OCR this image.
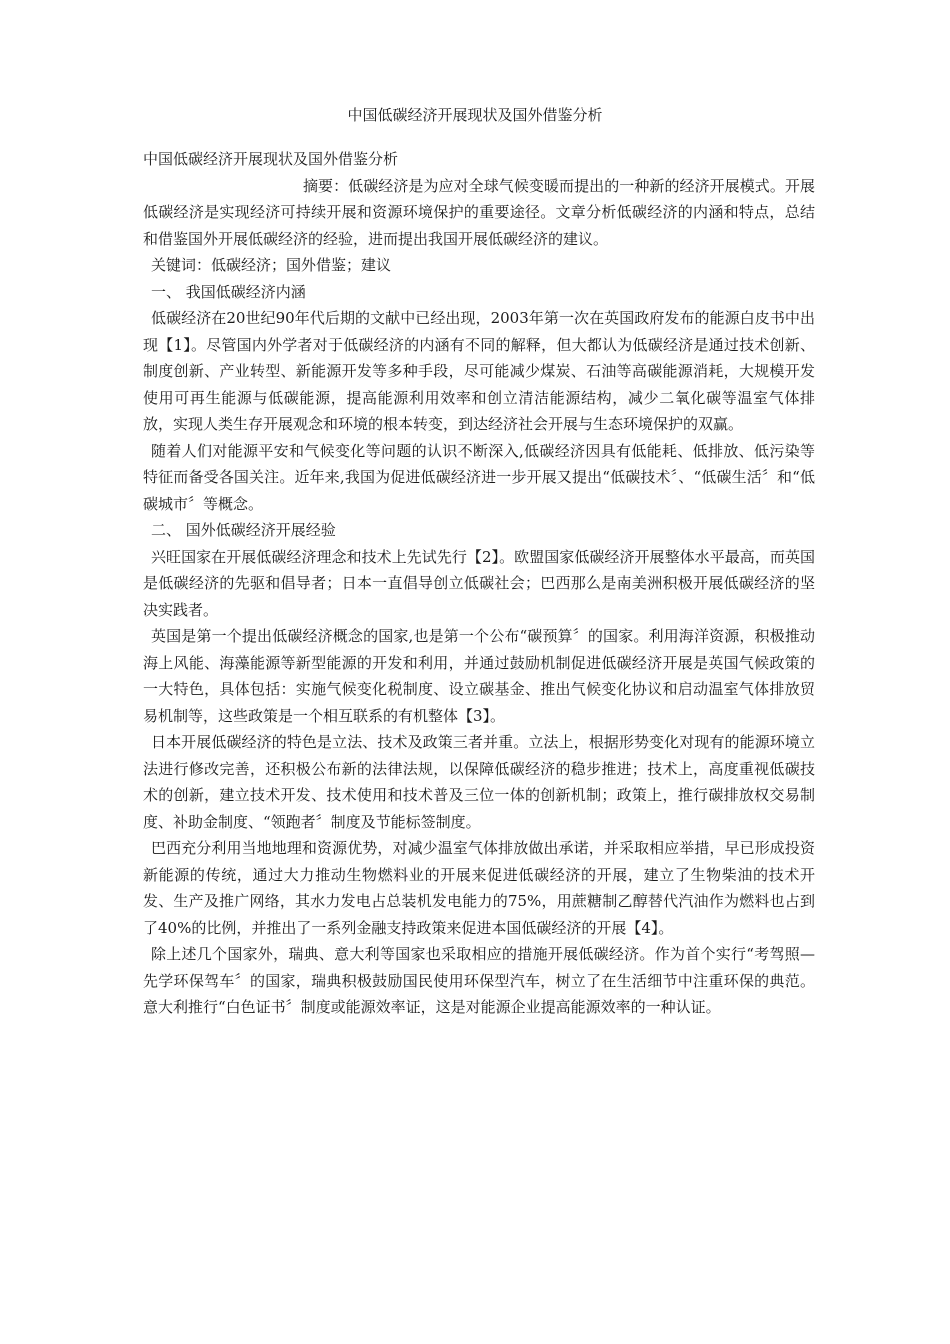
中国低碳经济开展现状及国外借鉴分析

中国低碳经济开展现状及国外借鉴分析

摘要：低碳经济是为应对全球气候变暖而提出的一种新的经济开展模式。开展低碳经济是实现经济可持续开展和资源环境保护的重要途径。文章分析低碳经济的内涵和特点，总结和借鉴国外开展低碳经济的经验，进而提出我国开展低碳经济的建议。

关键词：低碳经济；国外借鉴；建议

一、 我国低碳经济内涵

低碳经济在20世纪90年代后期的文献中已经出现，2003年第一次在英国政府发布的能源白皮书中出现【1】。尽管国内外学者对于低碳经济的内涵有不同的解释，但大都认为低碳经济是通过技术创新、制度创新、产业转型、新能源开发等多种手段，尽可能减少煤炭、石油等高碳能源消耗，大规模开发使用可再生能源与低碳能源，提高能源利用效率和创立清洁能源结构，减少二氧化碳等温室气体排放，实现人类生存开展观念和环境的根本转变，到达经济社会开展与生态环境保护的双赢。

随着人们对能源平安和气候变化等问题的认识不断深入,低碳经济因具有低能耗、低排放、低污染等特征而备受各国关注。近年来,我国为促进低碳经济进一步开展又提出“低碳技术〞、“低碳生活〞和“低碳城市〞等概念。

二、 国外低碳经济开展经验

兴旺国家在开展低碳经济理念和技术上先试先行【2】。欧盟国家低碳经济开展整体水平最高，而英国是低碳经济的先驱和倡导者；日本一直倡导创立低碳社会；巴西那么是南美洲积极开展低碳经济的坚决实践者。

英国是第一个提出低碳经济概念的国家,也是第一个公布“碳预算〞的国家。利用海洋资源，积极推动海上风能、海藻能源等新型能源的开发和利用，并通过鼓励机制促进低碳经济开展是英国气候政策的一大特色，具体包括：实施气候变化税制度、设立碳基金、推出气候变化协议和启动温室气体排放贸易机制等，这些政策是一个相互联系的有机整体【3】。

日本开展低碳经济的特色是立法、技术及政策三者并重。立法上，根据形势变化对现有的能源环境立法进行修改完善，还积极公布新的法律法规，以保障低碳经济的稳步推进；技术上，高度重视低碳技术的创新，建立技术开发、技术使用和技术普及三位一体的创新机制；政策上，推行碳排放权交易制度、补助金制度、“领跑者〞制度及节能标签制度。

巴西充分利用当地地理和资源优势，对减少温室气体排放做出承诺，并采取相应举措，早已形成投资新能源的传统，通过大力推动生物燃料业的开展来促进低碳经济的开展，建立了生物柴油的技术开发、生产及推广网络，其水力发电占总装机发电能力的75%，用蔗糖制乙醇替代汽油作为燃料也占到了40%的比例，并推出了一系列金融支持政策来促进本国低碳经济的开展【4】。

除上述几个国家外，瑞典、意大利等国家也采取相应的措施开展低碳经济。作为首个实行“考驾照—先学环保驾车〞的国家，瑞典积极鼓励国民使用环保型汽车，树立了在生活细节中注重环保的典范。意大利推行“白色证书〞制度或能源效率证，这是对能源企业提高能源效率的一种认证。
